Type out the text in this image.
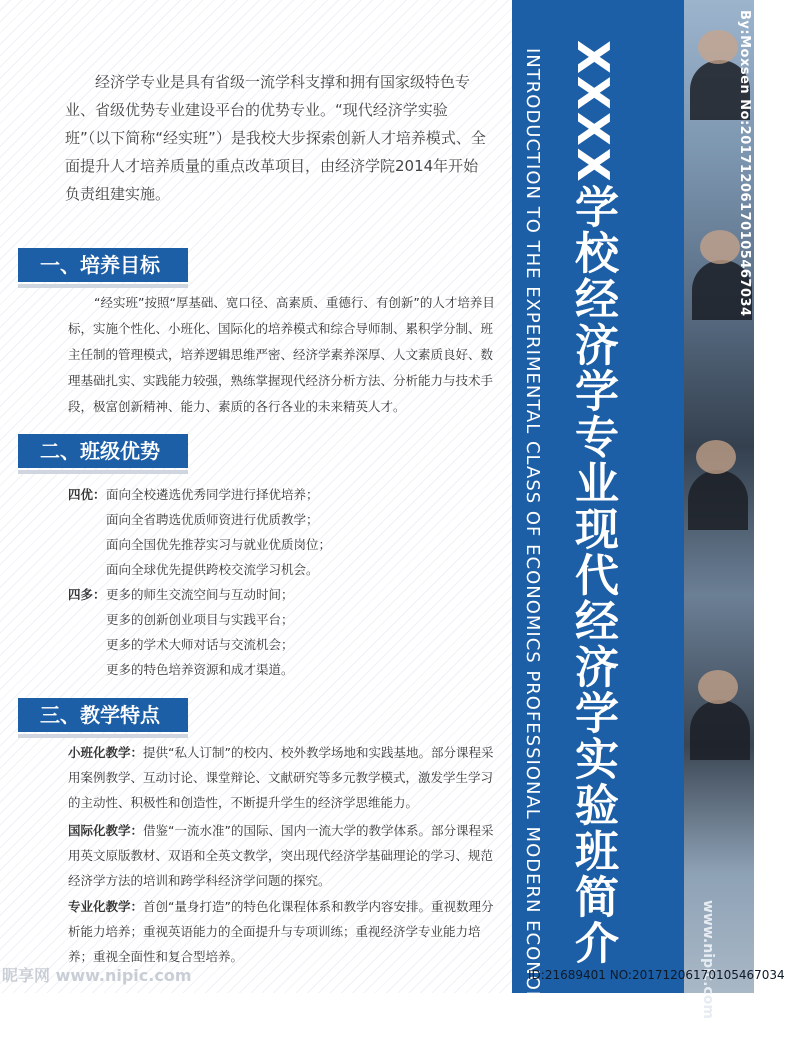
By:Moxsen No:20171206170105467034
XXXX学校经济学专业现代经济学实验班简介
INTRODUCTION TO THE EXPERIMENTAL CLASS OF ECONOMICS PROFESSIONAL MODERN ECONOMICS
经济学专业是具有省级一流学科支撑和拥有国家级特色专业、省级优势专业建设平台的优势专业。“现代经济学实验班”（以下简称“经实班”）是我校大步探索创新人才培养模式、全面提升人才培养质量的重点改革项目，由经济学院2014年开始负责组建实施。
一、培养目标
“经实班”按照“厚基础、宽口径、高素质、重德行、有创新”的人才培养目标，实施个性化、小班化、国际化的培养模式和综合导师制、累积学分制、班主任制的管理模式，培养逻辑思维严密、经济学素养深厚、人文素质良好、数理基础扎实、实践能力较强，熟练掌握现代经济分析方法、分析能力与技术手段，极富创新精神、能力、素质的各行各业的未来精英人才。
二、班级优势
四优：面向全校遴选优秀同学进行择优培养；
面向全省聘选优质师资进行优质教学；
面向全国优先推荐实习与就业优质岗位；
面向全球优先提供跨校交流学习机会。
四多：更多的师生交流空间与互动时间；
更多的创新创业项目与实践平台；
更多的学术大师对话与交流机会；
更多的特色培养资源和成才渠道。
三、教学特点
小班化教学：提供“私人订制”的校内、校外教学场地和实践基地。部分课程采用案例教学、互动讨论、课堂辩论、文献研究等多元教学模式，激发学生学习的主动性、积极性和创造性，不断提升学生的经济学思维能力。
国际化教学：借鉴“一流水准”的国际、国内一流大学的教学体系。部分课程采用英文原版教材、双语和全英文教学，突出现代经济学基础理论的学习、规范经济学方法的培训和跨学科经济学问题的探究。
专业化教学：首创“量身打造”的特色化课程体系和教学内容安排。重视数理分析能力培养；重视英语能力的全面提升与专项训练；重视经济学专业能力培养；重视全面性和复合型培养。
昵享网 www.nipic.com	www.nipic.com
ID:21689401 NO:20171206170105467034
